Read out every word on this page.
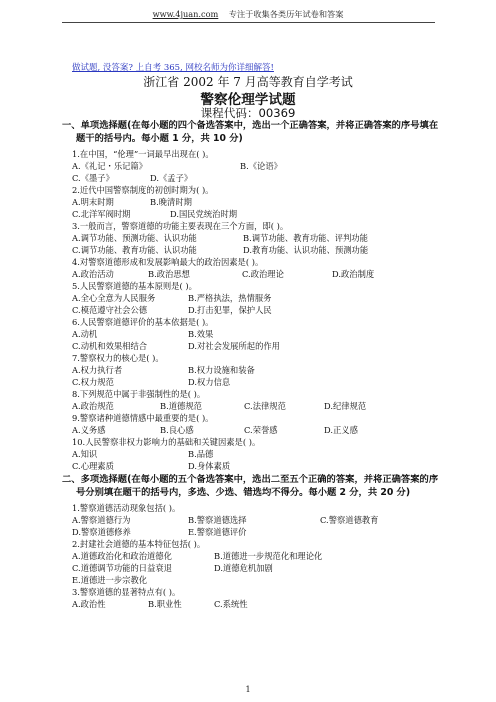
www.4juan.com 专注于收集各类历年试卷和答案
做试题, 没答案? 上自考 365, 网校名师为你详细解答!
浙江省 2002 年 7 月高等教育自学考试
警察伦理学试题
课程代码：00369
一、单项选择题(在每小题的四个备选答案中，选出一个正确答案，并将正确答案的序号填在
题干的括号内。每小题 1 分，共 10 分)
1.在中国，“伦理”一词最早出现在( )。
A.《礼记・乐记篇》	B.《论语》
C.《墨子》	D.《孟子》
2.近代中国警察制度的初创时期为( )。
A.明末时期	B.晚清时期
C.北洋军阀时期	D.国民党统治时期
3.一般而言，警察道德的功能主要表现在三个方面，即( )。
A.调节功能、预测功能、认识功能	B.调节功能、教育功能、评判功能
C.调节功能、教育功能、认识功能	D.教育功能、认识功能、预测功能
4.对警察道德形成和发展影响最大的政治因素是( )。
A.政治活动	B.政治思想	C.政治理论	D.政治制度
5.人民警察道德的基本原则是( )。
A.全心全意为人民服务	B.严格执法，热情服务
C.模范遵守社会公德	D.打击犯罪，保护人民
6.人民警察道德评价的基本依据是( )。
A.动机	B.效果
C.动机和效果相结合	D.对社会发展所起的作用
7.警察权力的核心是( )。
A.权力执行者	B.权力设施和装备
C.权力规范	D.权力信息
8.下列规范中属于非强制性的是( )。
A.政治规范	B.道德规范	C.法律规范	D.纪律规范
9.警察诸种道德情感中最重要的是( )。
A.义务感	B.良心感	C.荣誉感	D.正义感
10.人民警察非权力影响力的基础和关键因素是( )。
A.知识	B.品德
C.心理素质	D.身体素质
二、多项选择题(在每小题的五个备选答案中，选出二至五个正确的答案，并将正确答案的序
号分别填在题干的括号内，多选、少选、错选均不得分。每小题 2 分，共 20 分)
1.警察道德活动现象包括( )。
A.警察道德行为	B.警察道德选择	C.警察道德教育
D.警察道德修养	E.警察道德评价
2.封建社会道德的基本特征包括( )。
A.道德政治化和政治道德化	B.道德进一步规范化和理论化
C.道德调节功能的日益衰退	D.道德危机加剧
E.道德进一步宗教化
3.警察道德的显著特点有( )。
A.政治性	B.职业性	C.系统性
1
